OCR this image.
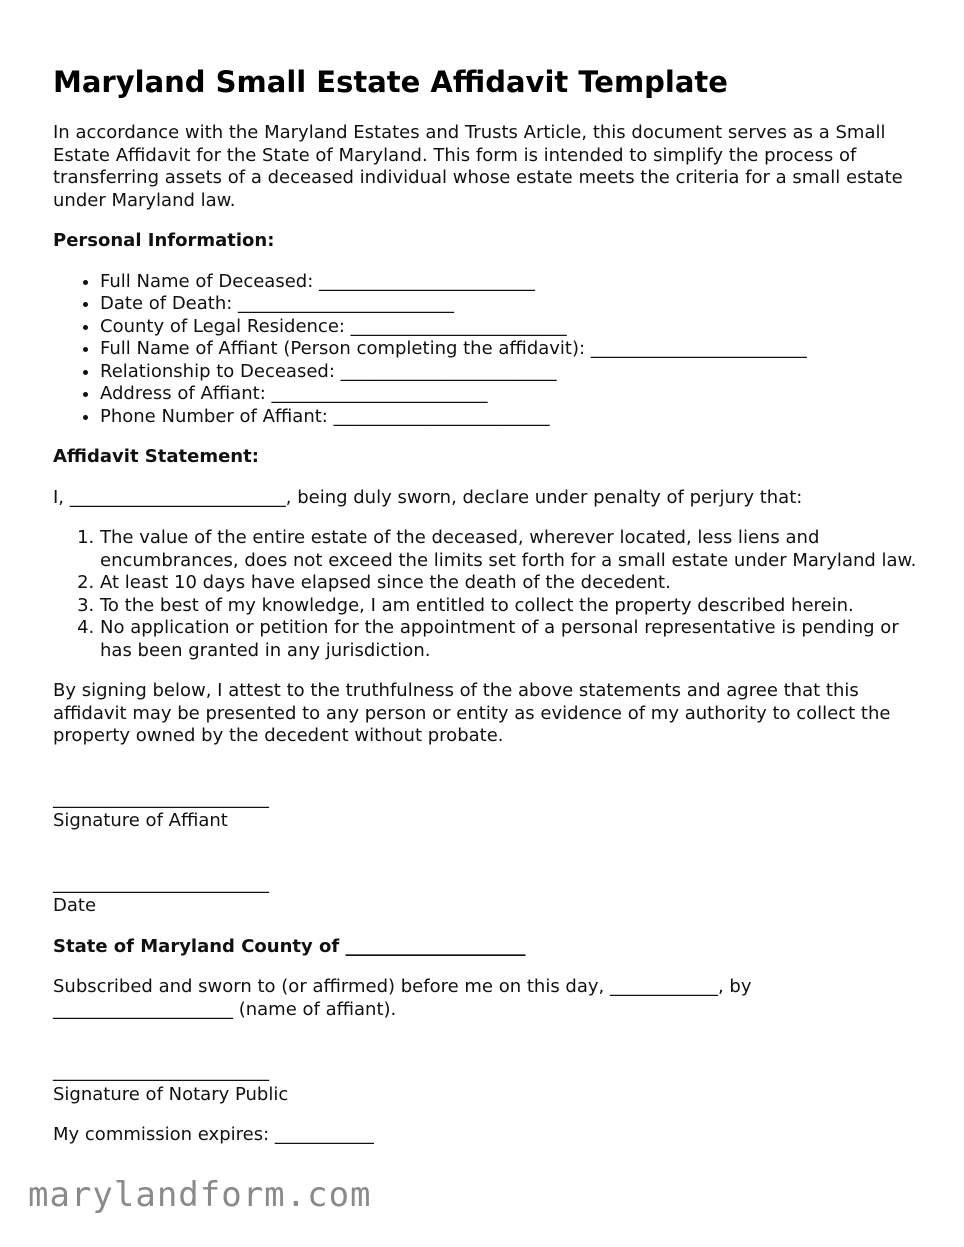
Maryland Small Estate Affidavit Template

In accordance with the Maryland Estates and Trusts Article, this document serves as a Small Estate Affidavit for the State of Maryland. This form is intended to simplify the process of transferring assets of a deceased individual whose estate meets the criteria for a small estate under Maryland law.

Personal Information:
• Full Name of Deceased: ________________________
• Date of Death: ________________________
• County of Legal Residence: ________________________
• Full Name of Affiant (Person completing the affidavit): ________________________
• Relationship to Deceased: ________________________
• Address of Affiant: ________________________
• Phone Number of Affiant: ________________________
Affidavit Statement:

I, ________________________, being duly sworn, declare under penalty of perjury that:

1. The value of the entire estate of the deceased, wherever located, less liens and encumbrances, does not exceed the limits set forth for a small estate under Maryland law.
2. At least 10 days have elapsed since the death of the decedent.
3. To the best of my knowledge, I am entitled to collect the property described herein.
4. No application or petition for the appointment of a personal representative is pending or has been granted in any jurisdiction.

By signing below, I attest to the truthfulness of the above statements and agree that this affidavit may be presented to any person or entity as evidence of my authority to collect the property owned by the decedent without probate.

________________________
Signature of Affiant
________________________
Date
State of Maryland County of ____________________

Subscribed and sworn to (or affirmed) before me on this day, ____________, by
____________________ (name of affiant).

________________________
Signature of Notary Public

My commission expires: ___________

marylandform.com
